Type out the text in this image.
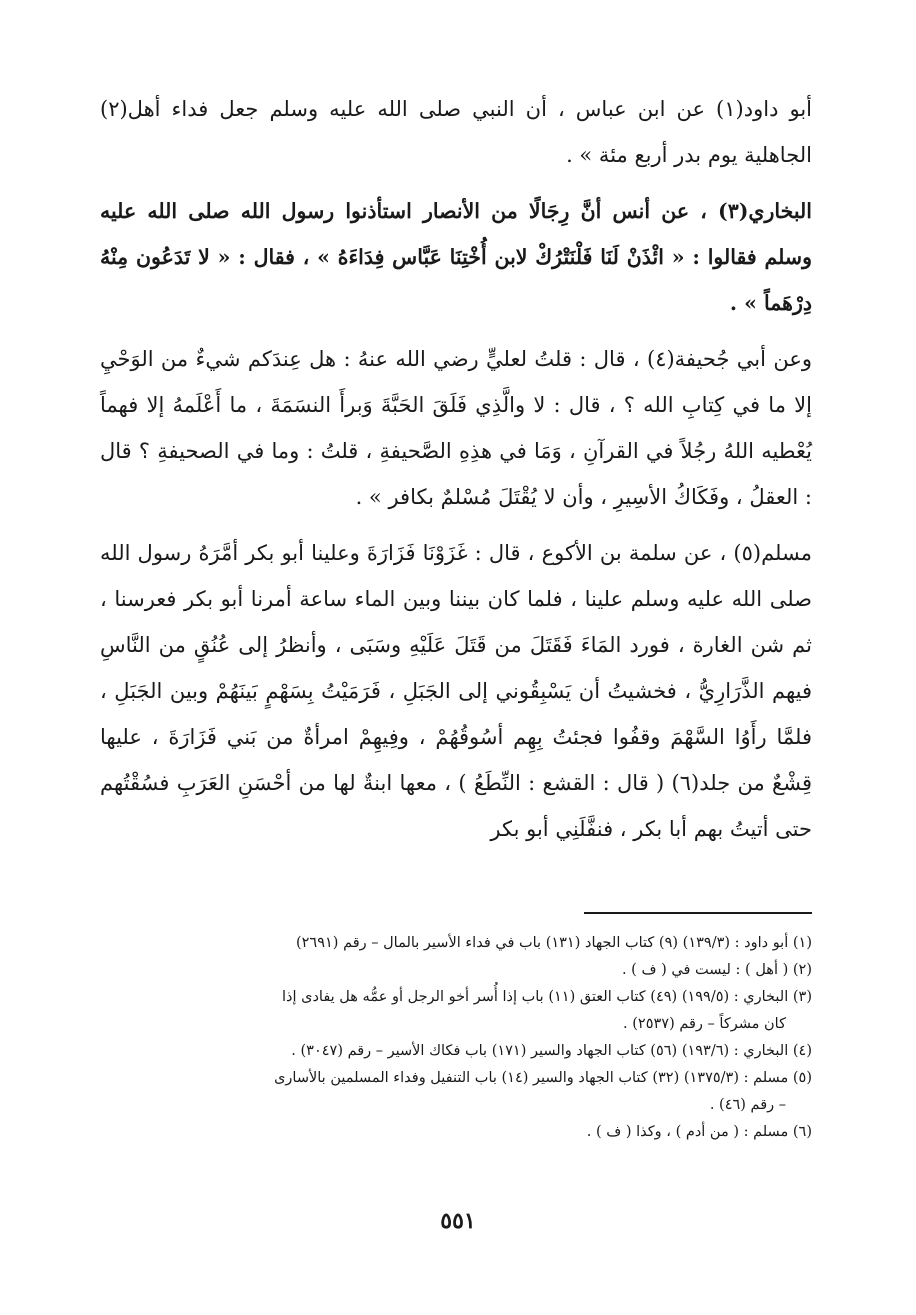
أبو داود(١) عن ابن عباس ، أن النبي صلى الله عليه وسلم جعل فداء أهل(٢) الجاهلية يوم بدر أربع مئة » .

البخاري(٣) ، عن أنس أنَّ رِجَالًا من الأنصار استأذنوا رسول الله صلى الله عليه وسلم فقالوا : « ائْذَنْ لَنَا فَلْنَتْرُكْ لابن أُخْتِنَا عَبَّاس فِدَاءَهُ » ، فقال : « لا تَدَعُون مِنْهُ دِرْهَماً » .

وعن أبي جُحيفة(٤) ، قال : قلتُ لعليٍّ رضي الله عنهُ : هل عِندَكم شيءٌ من الوَحْيِ إلا ما في كِتابِ الله ؟ ، قال : لا والَّذِي فَلَقَ الحَبَّةَ وَبرأَ النسَمَةَ ، ما أَعْلَمهُ إلا فهماً يُعْطيه اللهُ رجُلاً في القرآنِ ، وَمَا في هذِهِ الصَّحيفةِ ، قلتُ : وما في الصحيفةِ ؟ قال : العقلُ ، وفَكَاكُ الأسِيرِ ، وأن لا يُقْتَلَ مُسْلمٌ بكافر » .

مسلم(٥) ، عن سلمة بن الأكوع ، قال : غَزَوْنَا فَزَارَةَ وعلينا أبو بكر أمَّرَهُ رسول الله صلى الله عليه وسلم علينا ، فلما كان بيننا وبين الماء ساعة أمرنا أبو بكر فعرسنا ، ثم شن الغارة ، فورد المَاءَ فَقَتَلَ من قَتَلَ عَلَيْهِ وسَبَى ، وأنظرُ إلى عُنُقٍ من النَّاسِ فيهم الذَّرَارِيُّ ، فخشيتُ أن يَسْبِقُوني إلى الجَبَلِ ، فَرَمَيْتُ بِسَهْمٍ بَينَهُمْ وبين الجَبَلِ ، فلمَّا رأَوُا السَّهْمَ وقفُوا فجئتُ بِهِم أسُوقُهُمْ ، وفِيهِمْ امرأةٌ من بَني فَزَارَةَ ، عليها قِشْعٌ من جلد(٦) ( قال : القشع : النِّطَعُ ) ، معها ابنةٌ لها من أحْسَنِ العَرَبِ فسُقْتُهم حتى أتيتُ بهم أبا بكر ، فنفَّلَنِي أبو بكر

(١) أبو داود : (١٣٩/٣) (٩) كتاب الجهاد (١٣١) باب في فداء الأسير بالمال – رقم (٢٦٩١)

(٢) ( أهل ) : ليست في ( ف ) .

(٣) البخاري : (١٩٩/٥) (٤٩) كتاب العتق (١١) باب إذا أُسر أخو الرجل أو عمُّه هل يفادى إذا
كان مشركاً – رقم (٢٥٣٧) .

(٤) البخاري : (١٩٣/٦) (٥٦) كتاب الجهاد والسير (١٧١) باب فكاك الأسير – رقم (٣٠٤٧) .

(٥) مسلم : (١٣٧٥/٣) (٣٢) كتاب الجهاد والسير (١٤) باب التنفيل وفداء المسلمين بالأسارى
– رقم (٤٦) .

(٦) مسلم : ( من أدم ) ، وكذا ( ف ) .

٥٥١
